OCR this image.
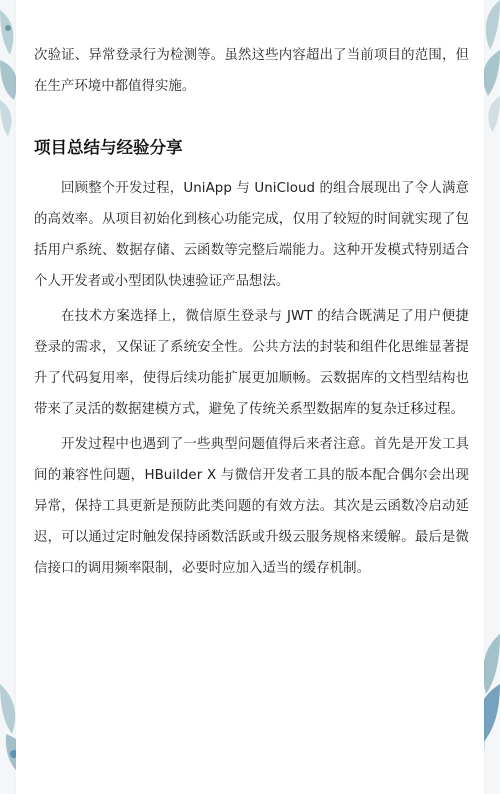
次验证、异常登录行为检测等。虽然这些内容超出了当前项目的范围，但在生产环境中都值得实施。

项目总结与经验分享

回顾整个开发过程，UniApp 与 UniCloud 的组合展现出了令人满意的高效率。从项目初始化到核心功能完成，仅用了较短的时间就实现了包括用户系统、数据存储、云函数等完整后端能力。这种开发模式特别适合个人开发者或小型团队快速验证产品想法。

在技术方案选择上，微信原生登录与 JWT 的结合既满足了用户便捷登录的需求，又保证了系统安全性。公共方法的封装和组件化思维显著提升了代码复用率，使得后续功能扩展更加顺畅。云数据库的文档型结构也带来了灵活的数据建模方式，避免了传统关系型数据库的复杂迁移过程。

开发过程中也遇到了一些典型问题值得后来者注意。首先是开发工具间的兼容性问题，HBuilder X 与微信开发者工具的版本配合偶尔会出现异常，保持工具更新是预防此类问题的有效方法。其次是云函数冷启动延迟，可以通过定时触发保持函数活跃或升级云服务规格来缓解。最后是微信接口的调用频率限制，必要时应加入适当的缓存机制。
